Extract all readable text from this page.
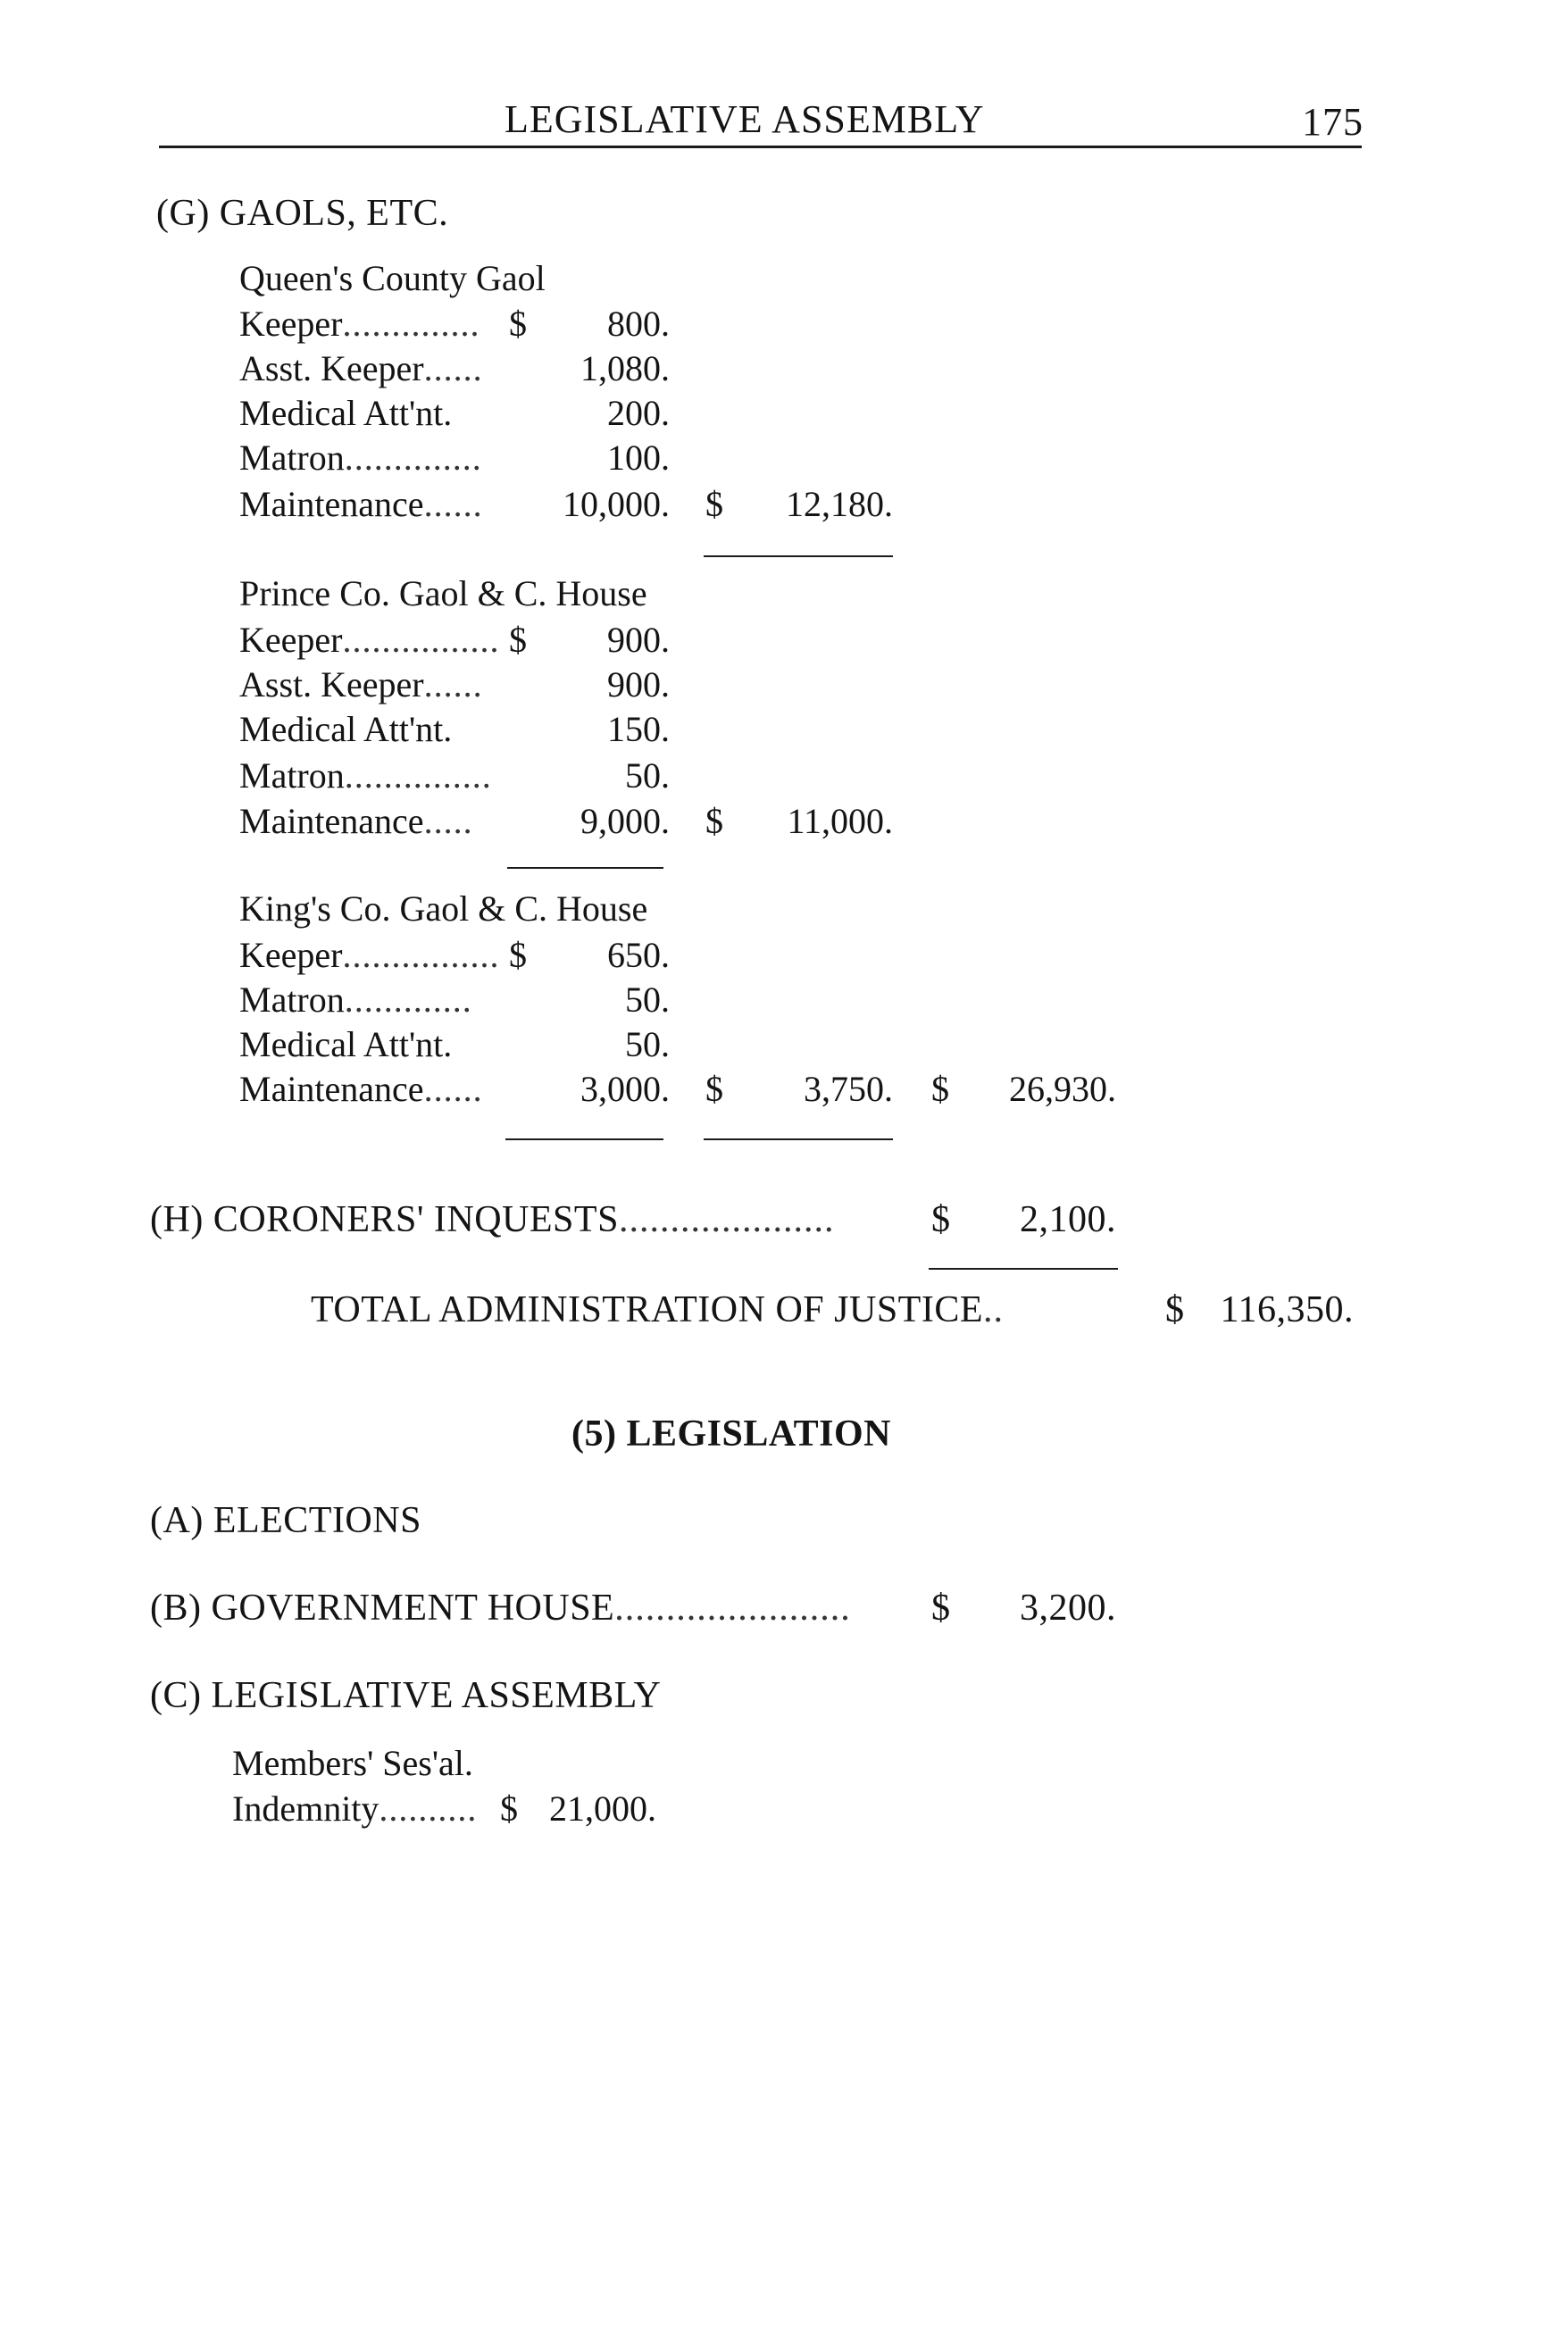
LEGISLATIVE ASSEMBLY	175
(G) GAOLS, ETC.
Queen's County Gaol
Keeper.............. $	800.
Asst. Keeper......	1,080.
Medical Att'nt.	200.
Matron..............	100.
Maintenance......	10,000. $	12,180.
Prince Co. Gaol & C. House
Keeper................ $	900.
Asst. Keeper......	900.
Medical Att'nt.	150.
Matron...............	50.
Maintenance.....	9,000. $	11,000.
King's Co. Gaol & C. House
Keeper................ $	650.
Matron.............	50.
Medical Att'nt.	50.
Maintenance......	3,000. $	3,750. $	26,930.
(H) CORONERS' INQUESTS.....................	$	2,100.
TOTAL ADMINISTRATION OF JUSTICE..	$ 116,350.
(5) LEGISLATION
(A) ELECTIONS
(B) GOVERNMENT HOUSE....................... $	3,200.
(C) LEGISLATIVE ASSEMBLY
Members' Ses'al.
Indemnity.......... $ 21,000.
